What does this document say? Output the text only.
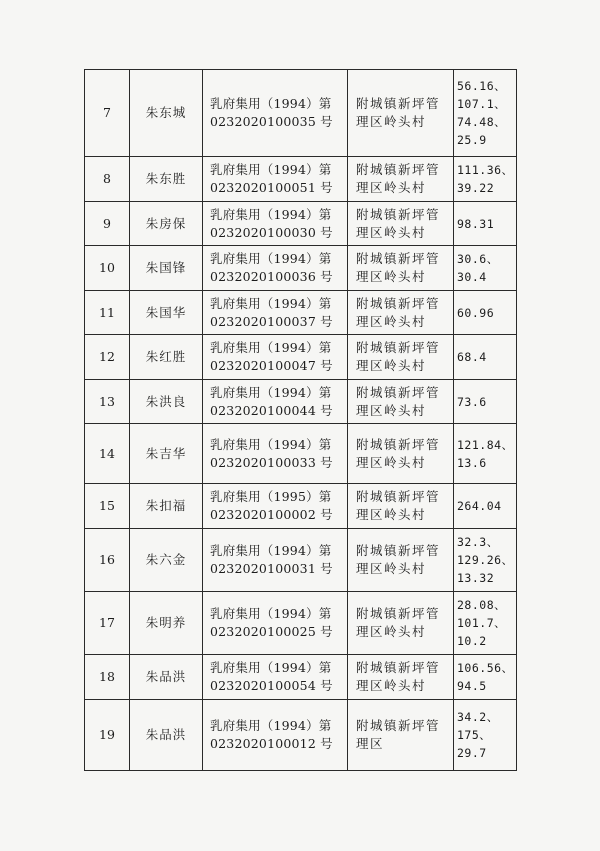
7	朱东城	乳府集用（1994）第
0232020100035 号	附城镇新坪管
理区岭头村	56.16、
107.1、
74.48、
25.9

8	朱东胜	乳府集用（1994）第
0232020100051 号	附城镇新坪管
理区岭头村	111.36、
39.22

9	朱房保	乳府集用（1994）第
0232020100030 号	附城镇新坪管
理区岭头村	98.31

10	朱国锋	乳府集用（1994）第
0232020100036 号	附城镇新坪管
理区岭头村	30.6、
30.4

11	朱国华	乳府集用（1994）第
0232020100037 号	附城镇新坪管
理区岭头村	60.96

12	朱红胜	乳府集用（1994）第
0232020100047 号	附城镇新坪管
理区岭头村	68.4

13	朱洪良	乳府集用（1994）第
0232020100044 号	附城镇新坪管
理区岭头村	73.6

14	朱吉华	乳府集用（1994）第
0232020100033 号	附城镇新坪管
理区岭头村	121.84、
13.6

15	朱扣福	乳府集用（1995）第
0232020100002 号	附城镇新坪管
理区岭头村	264.04

16	朱六金	乳府集用（1994）第
0232020100031 号	附城镇新坪管
理区岭头村	32.3、
129.26、
13.32

17	朱明养	乳府集用（1994）第
0232020100025 号	附城镇新坪管
理区岭头村	28.08、
101.7、
10.2

18	朱品洪	乳府集用（1994）第
0232020100054 号	附城镇新坪管
理区岭头村	106.56、
94.5

19	朱品洪	乳府集用（1994）第
0232020100012 号	附城镇新坪管
理区	34.2、
175、
29.7
